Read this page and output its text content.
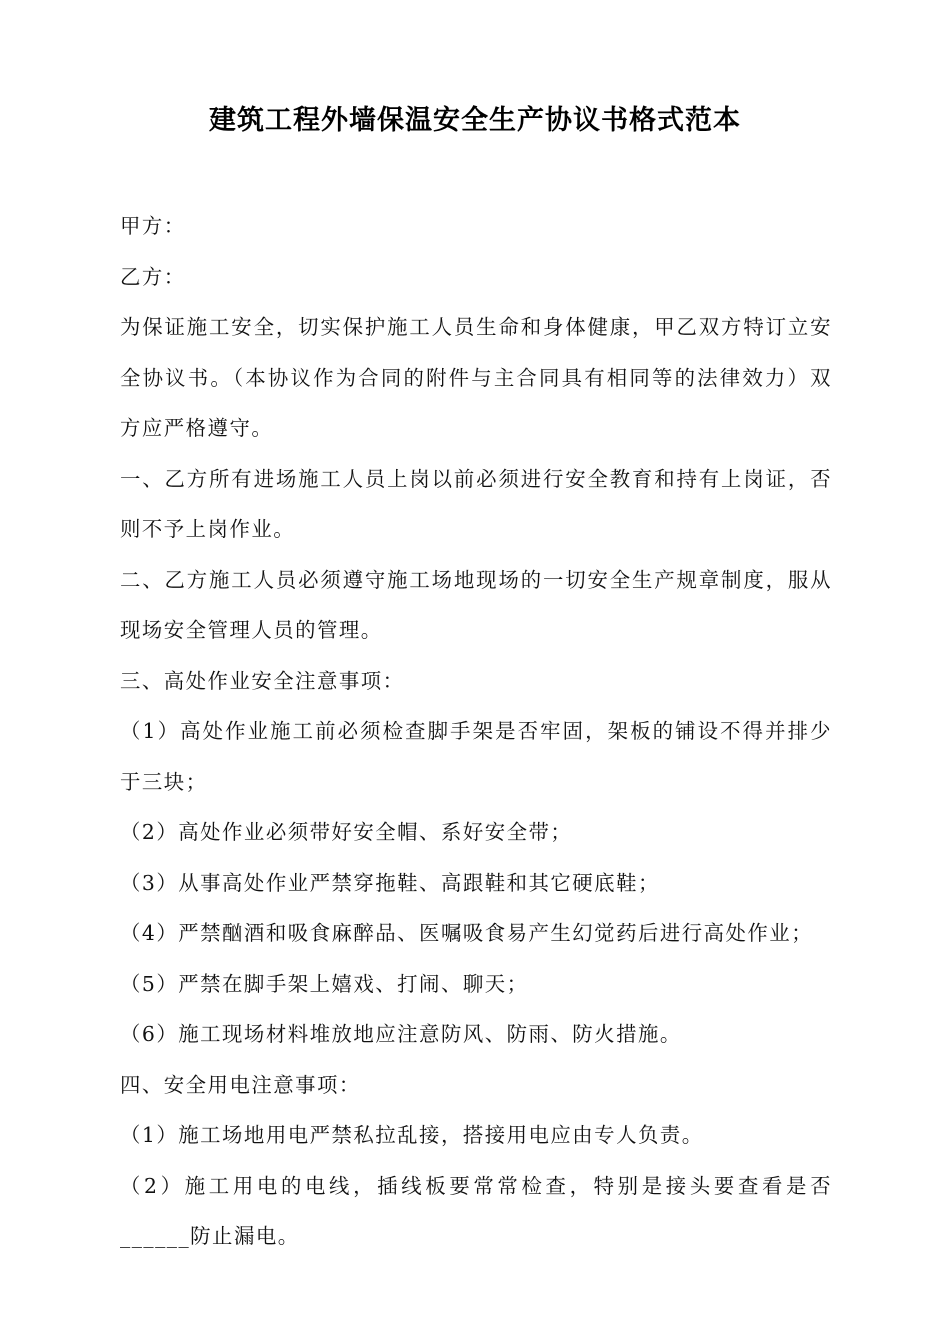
建筑工程外墙保温安全生产协议书格式范本

甲方：

乙方：

为保证施工安全，切实保护施工人员生命和身体健康，甲乙双方特订立安全协议书。（本协议作为合同的附件与主合同具有相同等的法律效力）双方应严格遵守。

一、乙方所有进场施工人员上岗以前必须进行安全教育和持有上岗证，否则不予上岗作业。

二、乙方施工人员必须遵守施工场地现场的一切安全生产规章制度，服从现场安全管理人员的管理。

三、高处作业安全注意事项：

（1）高处作业施工前必须检查脚手架是否牢固，架板的铺设不得并排少于三块；

（2）高处作业必须带好安全帽、系好安全带；

（3）从事高处作业严禁穿拖鞋、高跟鞋和其它硬底鞋；

（4）严禁酗酒和吸食麻醉品、医嘱吸食易产生幻觉药后进行高处作业；

（5）严禁在脚手架上嬉戏、打闹、聊天；

（6）施工现场材料堆放地应注意防风、防雨、防火措施。

四、安全用电注意事项：

（1）施工场地用电严禁私拉乱接，搭接用电应由专人负责。

（2）施工用电的电线，插线板要常常检查，特别是接头要查看是否______防止漏电。
